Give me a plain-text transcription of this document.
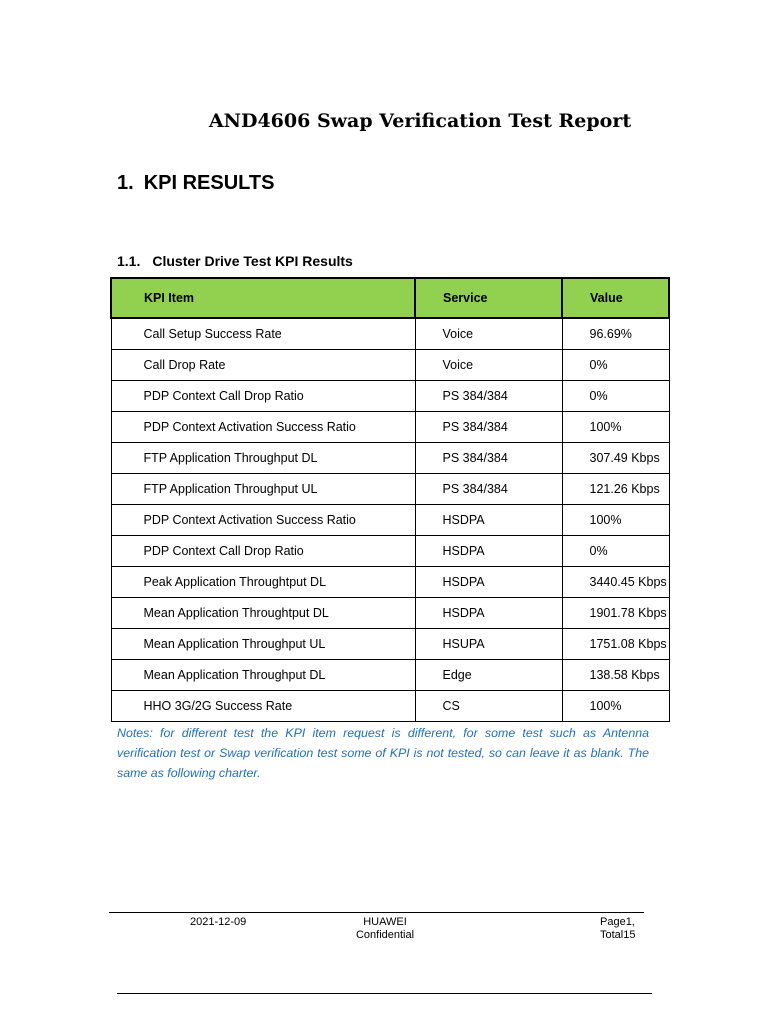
AND4606 Swap Verification Test Report
1. KPI RESULTS
1.1. Cluster Drive Test KPI Results
KPI Item	Service	Value
Call Setup Success Rate	Voice	96.69%
Call Drop Rate	Voice	0%
PDP Context Call Drop Ratio	PS 384/384	0%
PDP Context Activation Success Ratio	PS 384/384	100%
FTP Application Throughput DL	PS 384/384	307.49 Kbps
FTP Application Throughput UL	PS 384/384	121.26 Kbps
PDP Context Activation Success Ratio	HSDPA	100%
PDP Context Call Drop Ratio	HSDPA	0%
Peak Application Throughtput DL	HSDPA	3440.45 Kbps
Mean Application Throughtput DL	HSDPA	1901.78 Kbps
Mean Application Throughput UL	HSUPA	1751.08 Kbps
Mean Application Throughput DL	Edge	138.58 Kbps
HHO 3G/2G Success Rate	CS	100%
Notes: for different test the KPI item request is different, for some test such as Antenna verification test or Swap verification test some of KPI is not tested, so can leave it as blank. The same as following charter.
2021-12-09	HUAWEI
Confidential
Page1,
Total15
